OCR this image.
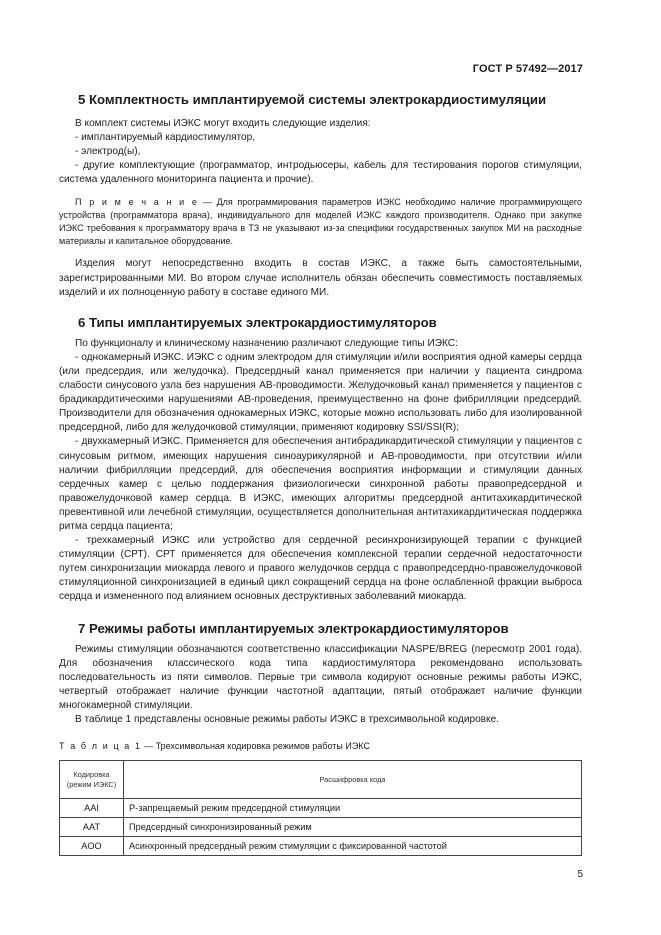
ГОСТ Р 57492—2017
5 Комплектность имплантируемой системы электрокардиостимуляции

В комплект системы ИЭКС могут входить следующие изделия:

- имплантируемый кардиостимулятор,

- электрод(ы),

- другие комплектующие (программатор, интродьюсеры, кабель для тестирования порогов стимуляции, система удаленного мониторинга пациента и прочие).

П р и м е ч а н и е — Для программирования параметров ИЭКС необходимо наличие программирующего устройства (программатора врача), индивидуального для моделей ИЭКС каждого производителя. Однако при закупке ИЭКС требования к программатору врача в ТЗ не указывают из-за специфики государственных закупок МИ на расходные материалы и капитальное оборудование.

Изделия могут непосредственно входить в состав ИЭКС, а также быть самостоятельными, зарегистрированными МИ. Во втором случае исполнитель обязан обеспечить совместимость поставляемых изделий и их полноценную работу в составе единого МИ.

6 Типы имплантируемых электрокардиостимуляторов

По функционалу и клиническому назначению различают следующие типы ИЭКС:

- однокамерный ИЭКС. ИЭКС с одним электродом для стимуляции и/или восприятия одной камеры сердца (или предсердия, или желудочка). Предсердный канал применяется при наличии у пациента синдрома слабости синусового узла без нарушения АВ-проводимости. Желудочковый канал применяется у пациентов с брадикардитическими нарушениями АВ-проведения, преимущественно на фоне фибрилляции предсердий. Производители для обозначения однокамерных ИЭКС, которые можно использовать либо для изолированной предсердной, либо для желудочковой стимуляции, применяют кодировку SSI/SSI(R);

- двухкамерный ИЭКС. Применяется для обеспечения антибрадикардитической стимуляции у пациентов с синусовым ритмом, имеющих нарушения синоаурикулярной и АВ-проводимости, при отсутствии и/или наличии фибрилляции предсердий, для обеспечения восприятия информации и стимуляции данных сердечных камер с целью поддержания физиологически синхронной работы правопредсердной и правожелудочковой камер сердца. В ИЭКС, имеющих алгоритмы предсердной антитахикардитической превентивной или лечебной стимуляции, осуществляется дополнительная антитахикардитическая поддержка ритма сердца пациента;

- трехкамерный ИЭКС или устройство для сердечной ресинхронизирующей терапии с функцией стимуляции (СРТ). СРТ применяется для обеспечения комплексной терапии сердечной недостаточности путем синхронизации миокарда левого и правого желудочков сердца с правопредсердно-правожелудочковой стимуляционной синхронизацией в единый цикл сокращений сердца на фоне ослабленной фракции выброса сердца и измененного под влиянием основных деструктивных заболеваний миокарда.

7 Режимы работы имплантируемых электрокардиостимуляторов

Режимы стимуляции обозначаются соответственно классификации NASPE/BREG (пересмотр 2001 года). Для обозначения классического кода типа кардиостимулятора рекомендовано использовать последовательность из пяти символов. Первые три символа кодируют основные режимы работы ИЭКС, четвертый отображает наличие функции частотной адаптации, пятый отображает наличие функции многокамерной стимуляции.

В таблице 1 представлены основные режимы работы ИЭКС в трехсимвольной кодировке.

Т а б л и ц а 1 — Трехсимвольная кодировка режимов работы ИЭКС
Кодировка (режим ИЭКС)	Расшифровка кода
AAI	Р-запрещаемый режим предсердной стимуляции
AAT	Предсердный синхронизированный режим
AOO	Асинхронный предсердный режим стимуляции с фиксированной частотой
5
